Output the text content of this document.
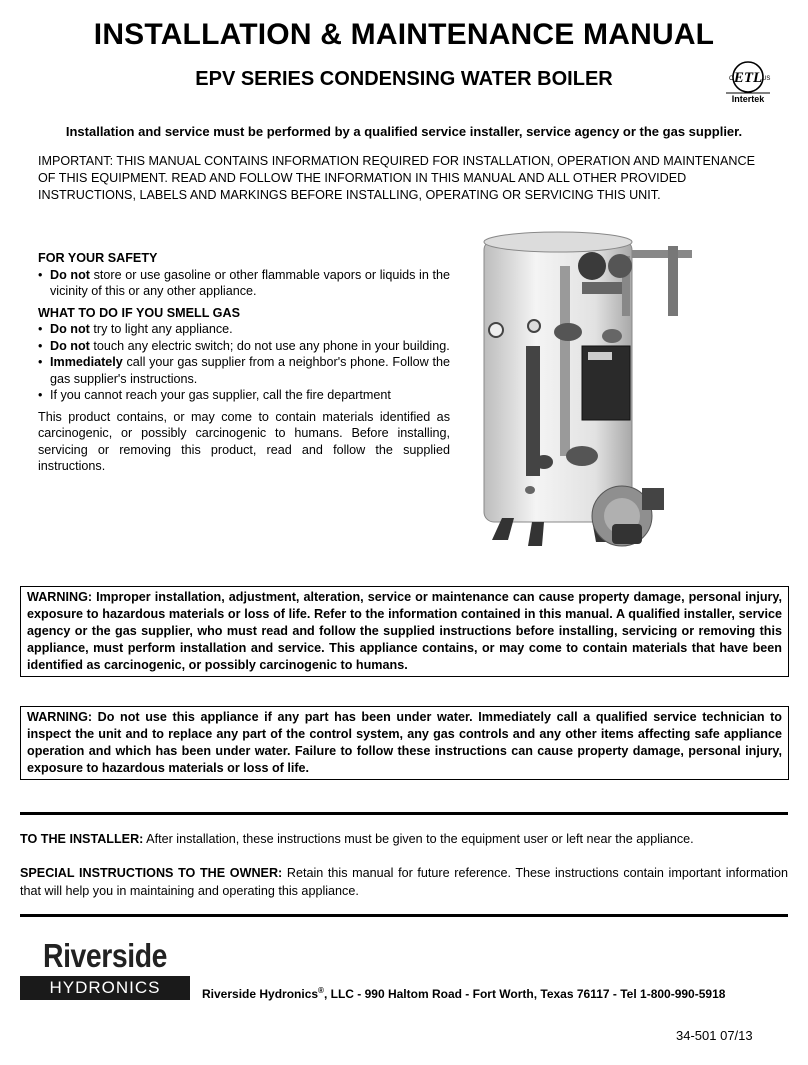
INSTALLATION & MAINTENANCE MANUAL
EPV SERIES CONDENSING WATER BOILER	ETL
C	US
Intertek
Installation and service must be performed by a qualified service installer, service agency or the gas supplier.
IMPORTANT: THIS MANUAL CONTAINS INFORMATION REQUIRED FOR INSTALLATION, OPERATION AND MAINTENANCE OF THIS EQUIPMENT. READ AND FOLLOW THE INFORMATION IN THIS MANUAL AND ALL OTHER PROVIDED INSTRUCTIONS, LABELS AND MARKINGS BEFORE INSTALLING, OPERATING OR SERVICING THIS UNIT.
FOR YOUR SAFETY
• Do not store or use gasoline or other flammable vapors or liquids in the vicinity of this or any other appliance.
WHAT TO DO IF YOU SMELL GAS
• Do not try to light any appliance.
• Do not touch any electric switch; do not use any phone in your building.
• Immediately call your gas supplier from a neighbor's phone. Follow the gas supplier's instructions.
• If you cannot reach your gas supplier, call the fire department

This product contains, or may come to contain materials identified as carcinogenic, or possibly carcinogenic to humans. Before installing, servicing or removing this product, read and follow the supplied instructions.

WARNING: Improper installation, adjustment, alteration, service or maintenance can cause property damage, personal injury, exposure to hazardous materials or loss of life. Refer to the information contained in this manual. A qualified installer, service agency or the gas supplier, who must read and follow the supplied instructions before installing, servicing or removing this appliance, must perform installation and service. This appliance contains, or may come to contain materials that have been identified as carcinogenic, or possibly carcinogenic to humans.
WARNING: Do not use this appliance if any part has been under water. Immediately call a qualified service technician to inspect the unit and to replace any part of the control system, any gas controls and any other items affecting safe appliance operation and which has been under water. Failure to follow these instructions can cause property damage, personal injury, exposure to hazardous materials or loss of life.
TO THE INSTALLER: After installation, these instructions must be given to the equipment user or left near the appliance.
SPECIAL INSTRUCTIONS TO THE OWNER: Retain this manual for future reference. These instructions contain important information that will help you in maintaining and operating this appliance.
Riverside
HYDRONICS	Riverside Hydronics®, LLC - 990 Haltom Road - Fort Worth, Texas 76117 - Tel 1-800-990-5918
34-501 07/13
